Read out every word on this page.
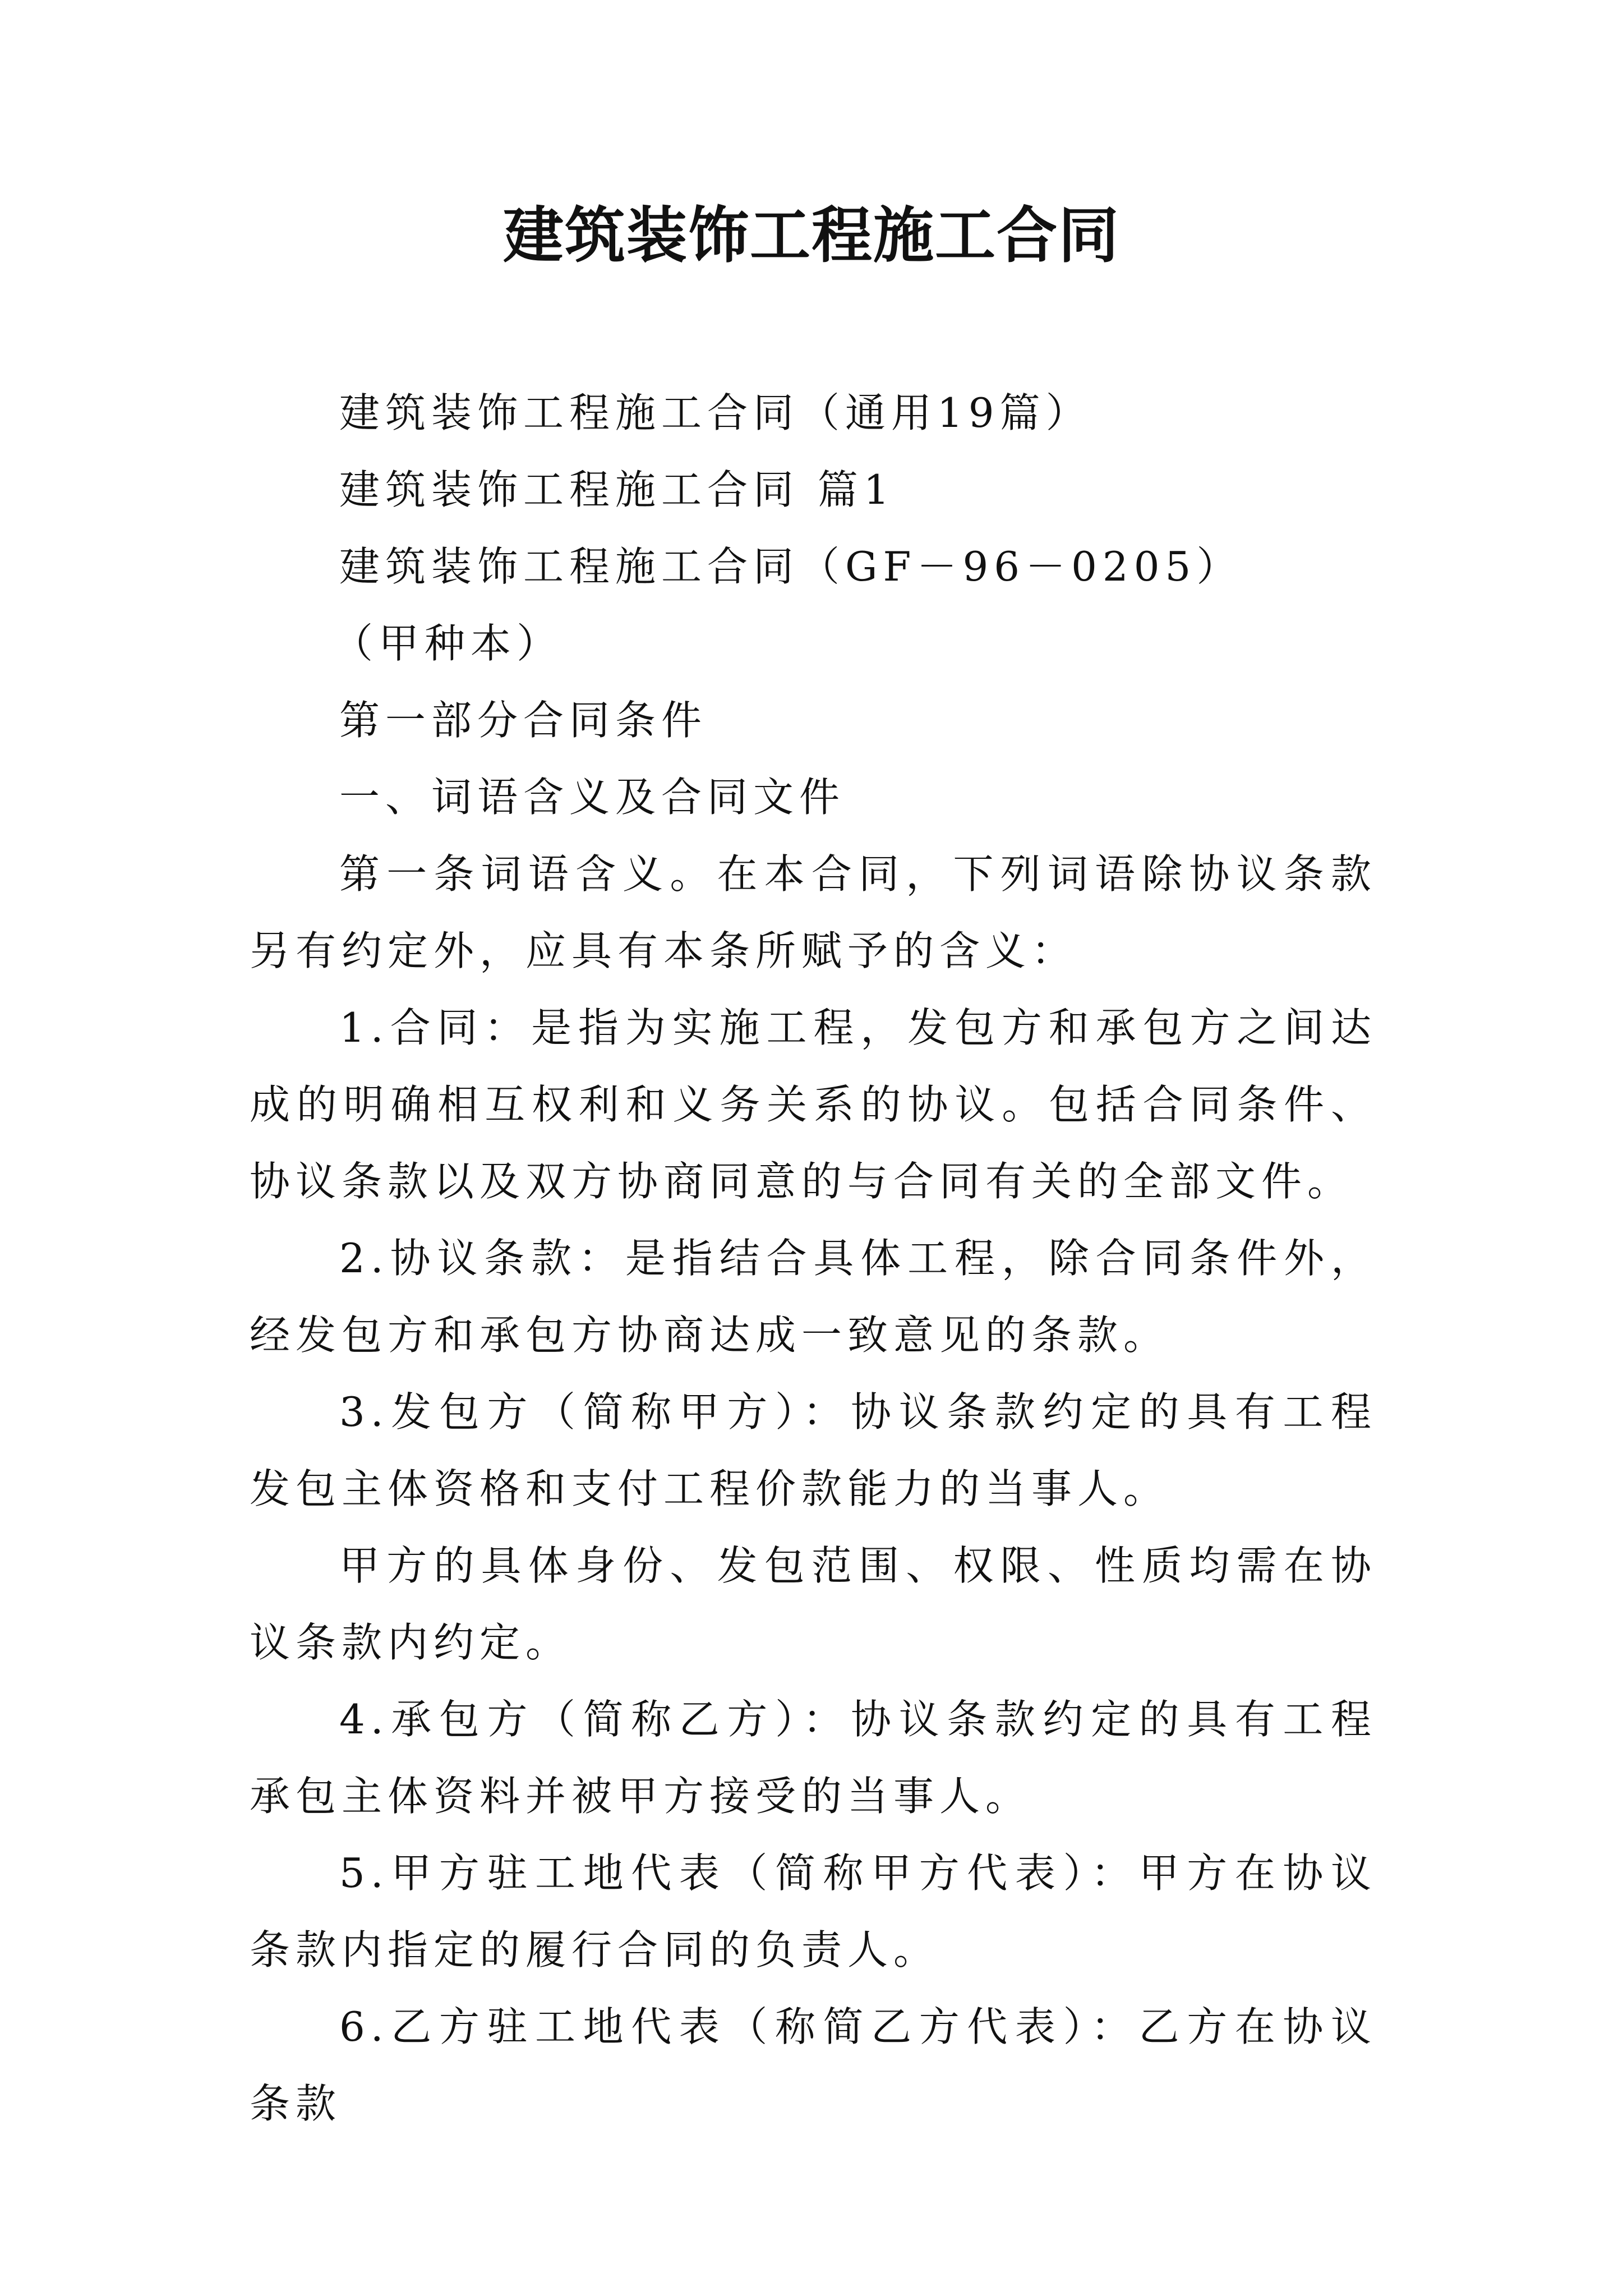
建筑装饰工程施工合同

建筑装饰工程施工合同（通用19篇）

建筑装饰工程施工合同 篇1

建筑装饰工程施工合同（GF－96－0205）

（甲种本）

第一部分合同条件

一、词语含义及合同文件

第一条词语含义。在本合同，下列词语除协议条款另有约定外，应具有本条所赋予的含义：

1.合同：是指为实施工程，发包方和承包方之间达成的明确相互权利和义务关系的协议。包括合同条件、协议条款以及双方协商同意的与合同有关的全部文件。

2.协议条款：是指结合具体工程，除合同条件外，经发包方和承包方协商达成一致意见的条款。

3.发包方（简称甲方）：协议条款约定的具有工程发包主体资格和支付工程价款能力的当事人。

甲方的具体身份、发包范围、权限、性质均需在协议条款内约定。

4.承包方（简称乙方）：协议条款约定的具有工程承包主体资料并被甲方接受的当事人。

5.甲方驻工地代表（简称甲方代表）：甲方在协议条款内指定的履行合同的负责人。

6.乙方驻工地代表（称简乙方代表）：乙方在协议条款
